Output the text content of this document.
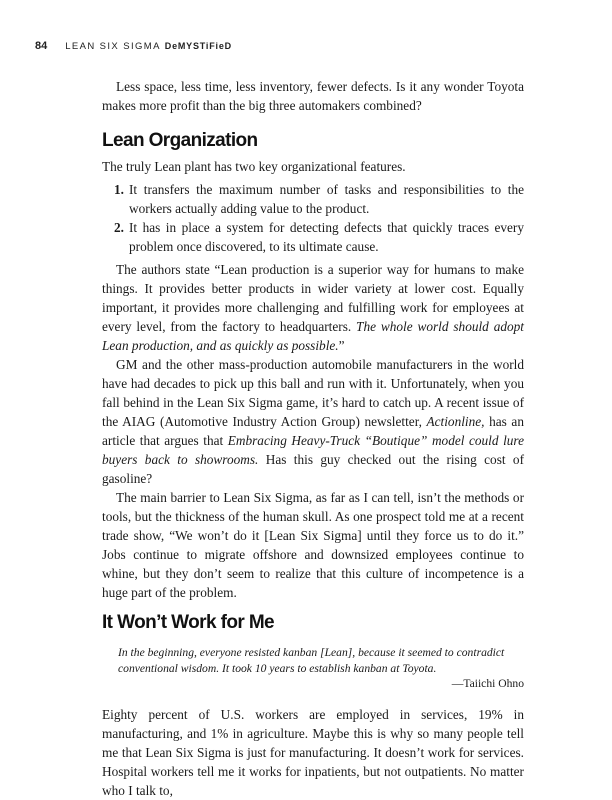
84 LEAN SIX SIGMA DeMYSTiFieD

Less space, less time, less inventory, fewer defects. Is it any wonder Toyota makes more profit than the big three automakers combined?

Lean Organization

The truly Lean plant has two key organizational features.

1. It transfers the maximum number of tasks and responsibilities to the workers actually adding value to the product.
2. It has in place a system for detecting defects that quickly traces every problem once discovered, to its ultimate cause.

The authors state “Lean production is a superior way for humans to make things. It provides better products in wider variety at lower cost. Equally important, it provides more challenging and fulfilling work for employees at every level, from the factory to headquarters. The whole world should adopt Lean production, and as quickly as possible.”

GM and the other mass-production automobile manufacturers in the world have had decades to pick up this ball and run with it. Unfortunately, when you fall behind in the Lean Six Sigma game, it’s hard to catch up. A recent issue of the AIAG (Automotive Industry Action Group) newsletter, Actionline, has an article that argues that Embracing Heavy-Truck “Boutique” model could lure buyers back to showrooms. Has this guy checked out the rising cost of gasoline?

The main barrier to Lean Six Sigma, as far as I can tell, isn’t the methods or tools, but the thickness of the human skull. As one prospect told me at a recent trade show, “We won’t do it [Lean Six Sigma] until they force us to do it.” Jobs continue to migrate offshore and downsized employees continue to whine, but they don’t seem to realize that this culture of incompetence is a huge part of the problem.

It Won’t Work for Me

In the beginning, everyone resisted kanban [Lean], because it seemed to contradict conventional wisdom. It took 10 years to establish kanban at Toyota.

—Taiichi Ohno

Eighty percent of U.S. workers are employed in services, 19% in manufacturing, and 1% in agriculture. Maybe this is why so many people tell me that Lean Six Sigma is just for manufacturing. It doesn’t work for services. Hospital workers tell me it works for inpatients, but not outpatients. No matter who I talk to,
